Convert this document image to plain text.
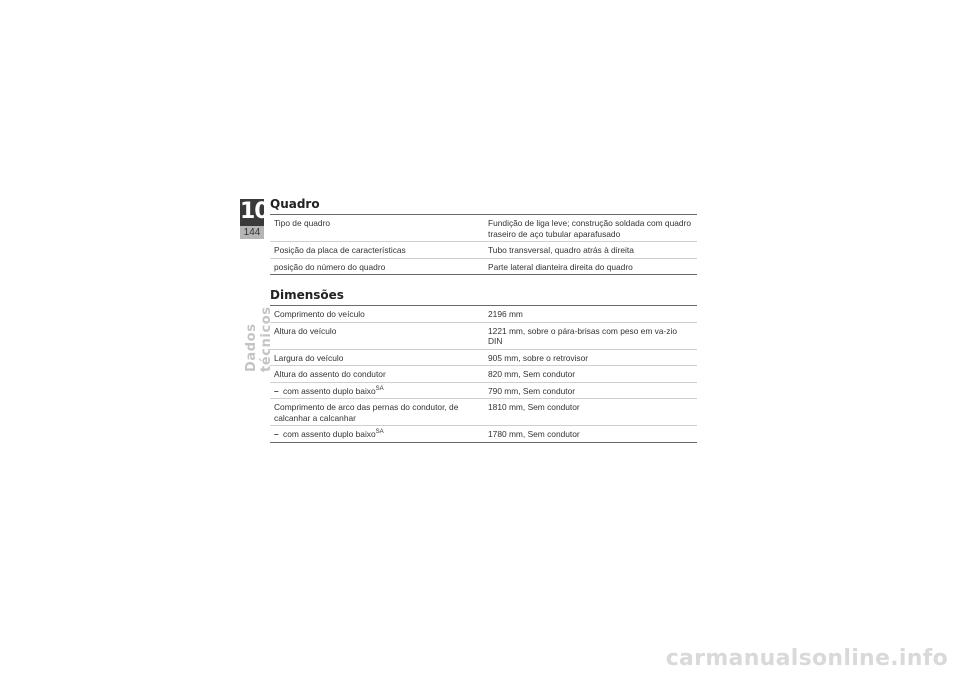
10
144
Dados técnicos
Quadro
Tipo de quadro	Fundição de liga leve; construção soldada com quadro traseiro de aço tubular aparafusado
Posição da placa de características	Tubo transversal, quadro atrás à direita
posição do número do quadro	Parte lateral dianteira direita do quadro
Dimensões
Comprimento do veículo	2196 mm
Altura do veículo	1221 mm, sobre o pára-brisas com peso em va-zio DIN
Largura do veículo	905 mm, sobre o retrovisor
Altura do assento do condutor	820 mm, Sem condutor
– com assento duplo baixo$^{SA}$	790 mm, Sem condutor
Comprimento de arco das pernas do condutor, de calcanhar a calcanhar	1810 mm, Sem condutor
– com assento duplo baixo$^{SA}$	1780 mm, Sem condutor
carmanualsonline.info
